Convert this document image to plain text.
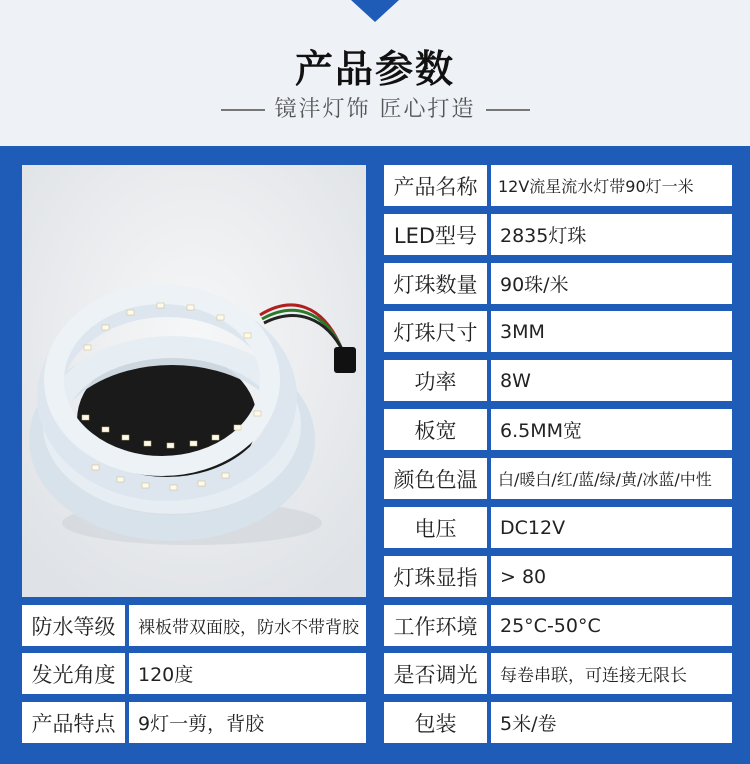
产品参数
镜沣灯饰 匠心打造
产品名称	12V流星流水灯带90灯一米
LED型号	2835灯珠
灯珠数量	90珠/米
灯珠尺寸	3MM
功率	8W
板宽	6.5MM宽
颜色色温	白/暖白/红/蓝/绿/黄/冰蓝/中性
电压	DC12V
灯珠显指	> 80
工作环境	25°C-50°C
是否调光	每卷串联，可连接无限长
包装	5米/卷
防水等级	裸板带双面胶，防水不带背胶
发光角度	120度
产品特点	9灯一剪，背胶
